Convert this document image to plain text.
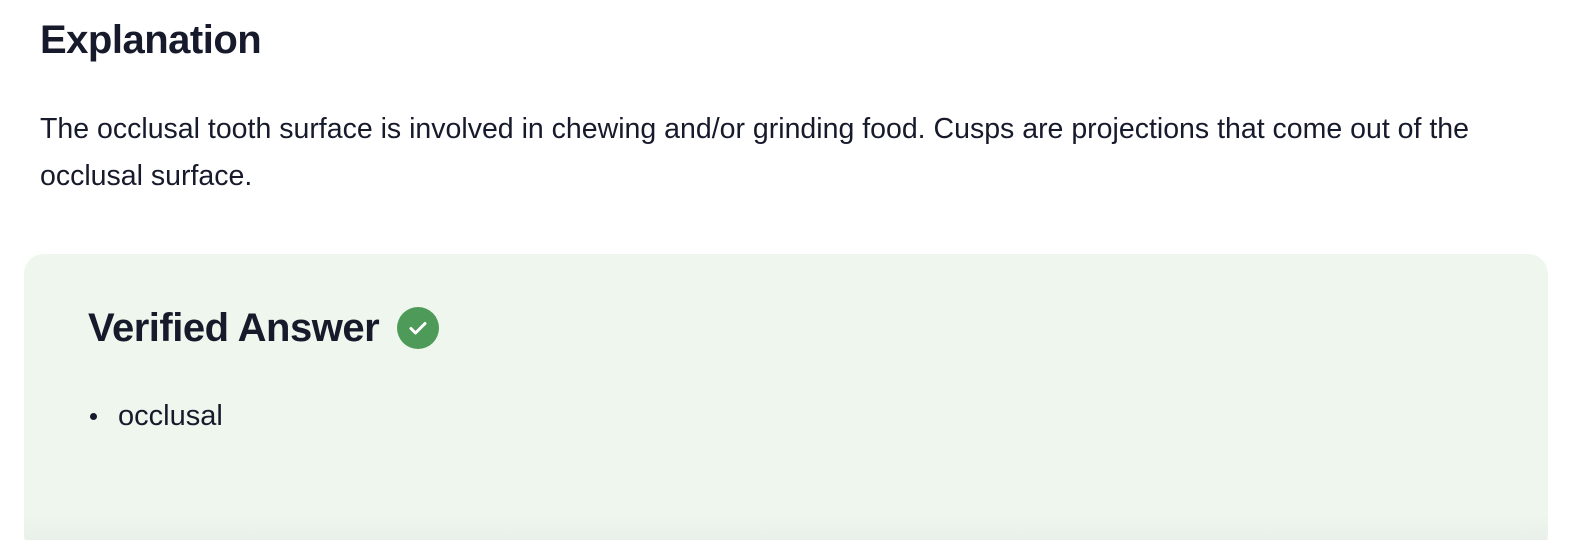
Explanation

The occlusal tooth surface is involved in chewing and/or grinding food. Cusps are projections that come out of the occlusal surface.

Verified Answer
occlusal
